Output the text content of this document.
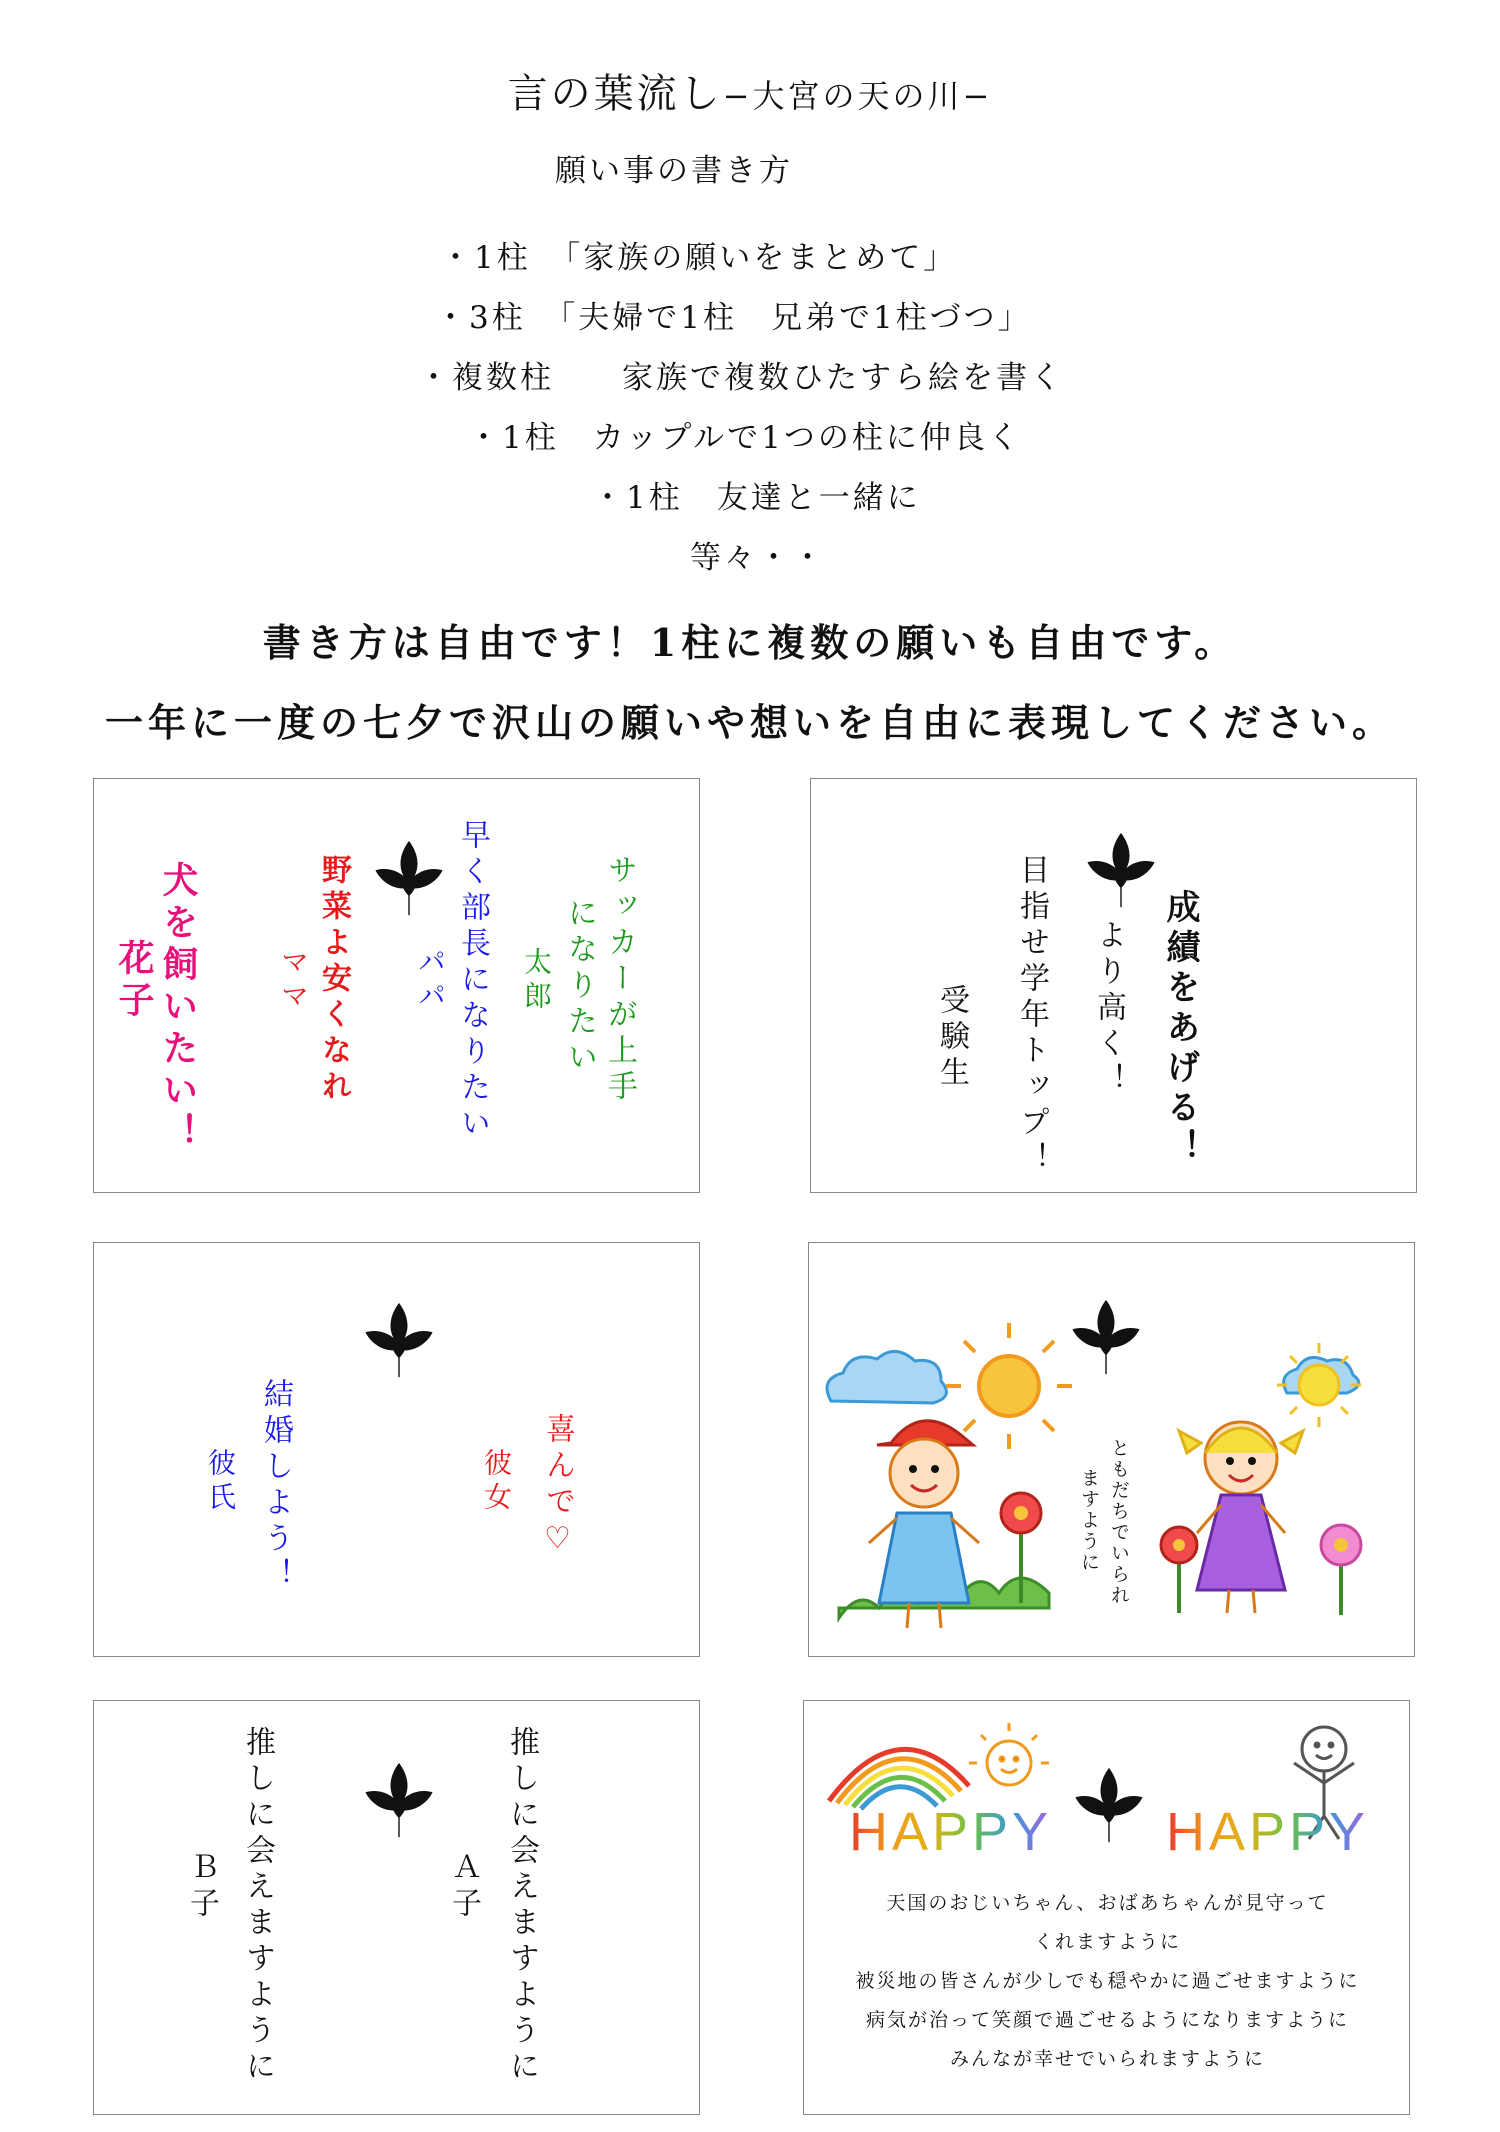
言の葉流し−大宮の天の川−
願い事の書き方
・1柱　「家族の願いをまとめて」
・3柱　「夫婦で1柱　兄弟で1柱づつ」
・複数柱　　家族で複数ひたすら絵を書く
・1柱　カップルで1つの柱に仲良く
・1柱　友達と一緒に
等々・・
書き方は自由です！1柱に複数の願いも自由です。
一年に一度の七夕で沢山の願いや想いを自由に表現してください。
サッカーが上手
になりたい
太郎
早く部長になりたい
パパ
野菜よ安くなれ
ママ
犬を飼いたい！
花子	成績をあげる！
より高く！
目指せ学年トップ！
受験生
結婚しよう！
彼氏	喜んで♡
彼女	ともだちでいられ
ますように
推しに会えますように
Ａ子
推しに会えますように
Ｂ子
HAPPY HAPPY
天国のおじいちゃん、おばあちゃんが見守って
くれますように
被災地の皆さんが少しでも穏やかに過ごせますように
病気が治って笑顔で過ごせるようになりますように
みんなが幸せでいられますように
